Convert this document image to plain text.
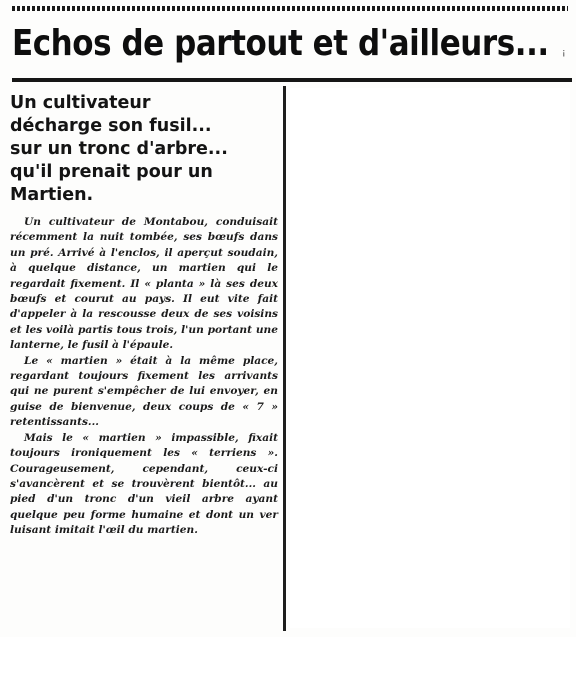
Echos de partout et d'ailleurs... ¡
Un cultivateur
décharge son fusil...
sur un tronc d'arbre...
qu'il prenait pour un
Martien.

Un cultivateur de Montabou, conduisait récemment la nuit tombée, ses bœufs dans un pré. Arrivé à l'enclos, il aperçut soudain, à quelque distance, un martien qui le regardait fixement. Il « planta » là ses deux bœufs et courut au pays. Il eut vite fait d'appeler à la rescousse deux de ses voisins et les voilà partis tous trois, l'un portant une lanterne, le fusil à l'épaule.

Le « martien » était à la même place, regardant toujours fixement les arrivants qui ne purent s'empêcher de lui envoyer, en guise de bienvenue, deux coups de « 7 » retentissants...

Mais le « martien » impassible, fixait toujours ironiquement les « terriens ». Courageusement, cependant, ceux-ci s'avancèrent et se trouvèrent bientôt... au pied d'un tronc d'un vieil arbre ayant quelque peu forme humaine et dont un ver luisant imitait l'œil du martien.
